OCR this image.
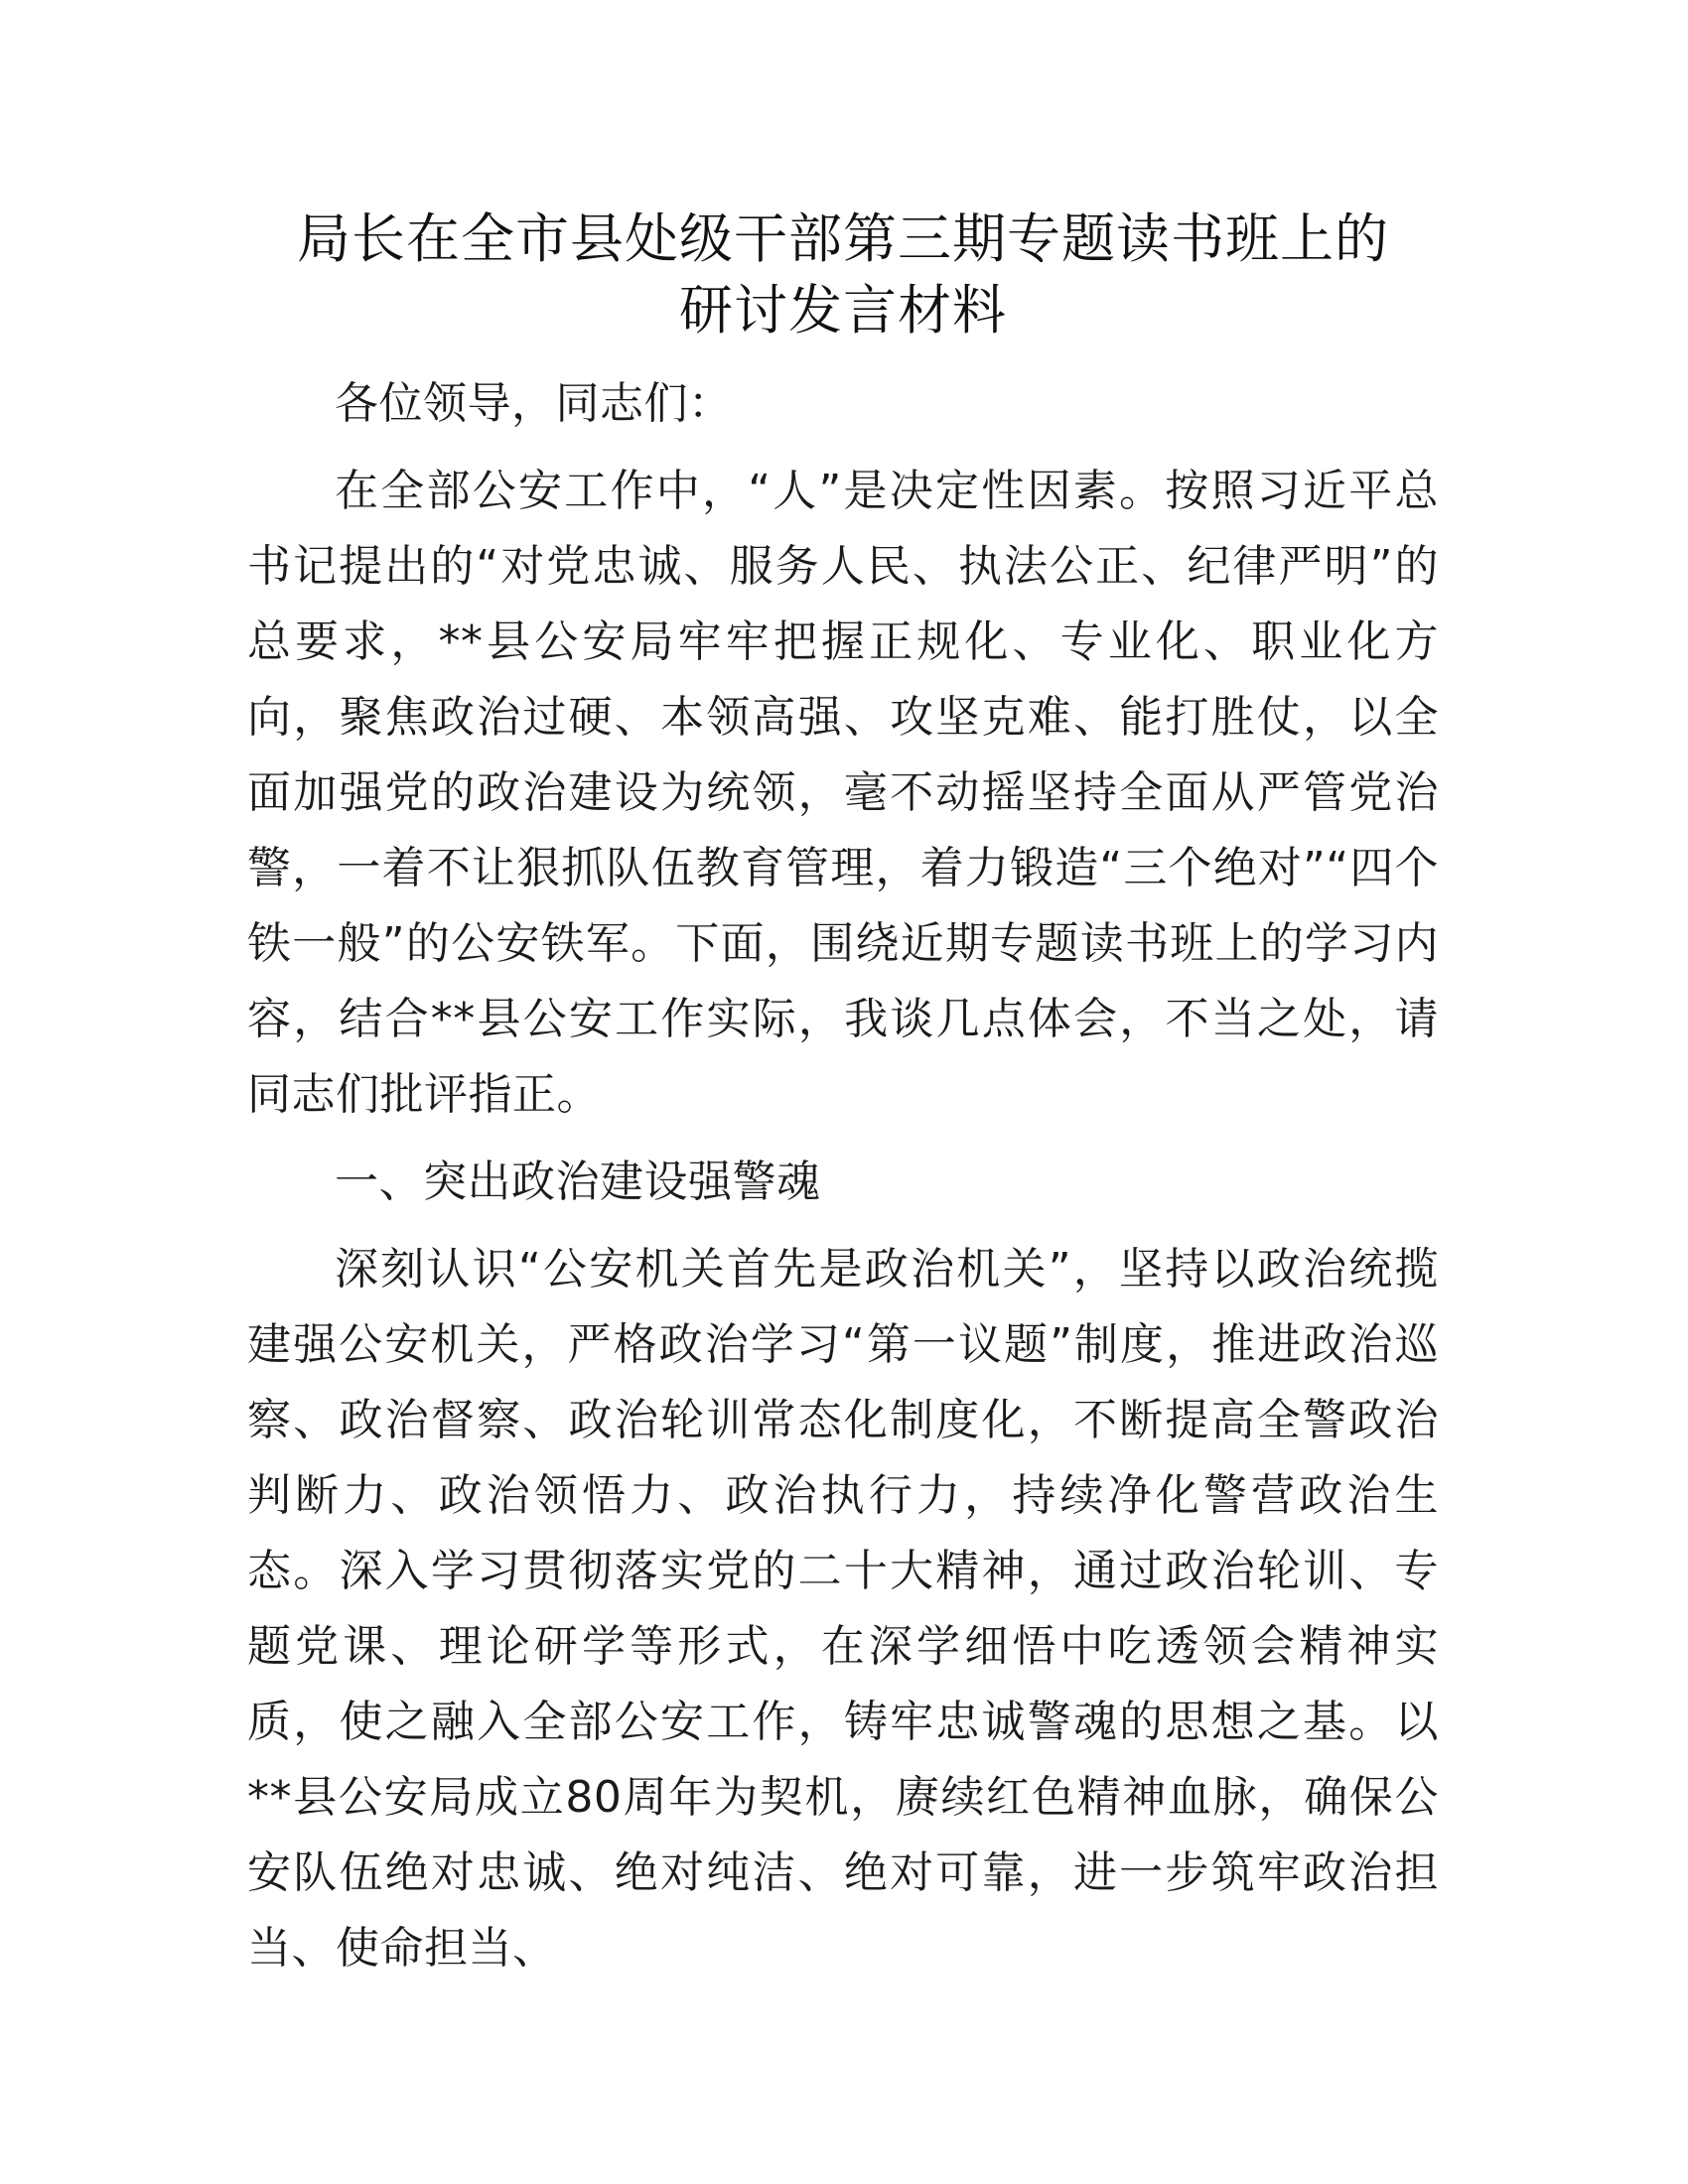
局长在全市县处级干部第三期专题读书班上的
研讨发言材料

各位领导，同志们：

在全部公安工作中，“人”是决定性因素。按照习近平总书记提出的“对党忠诚、服务人民、执法公正、纪律严明”的总要求，**县公安局牢牢把握正规化、专业化、职业化方向，聚焦政治过硬、本领高强、攻坚克难、能打胜仗，以全面加强党的政治建设为统领，毫不动摇坚持全面从严管党治警，一着不让狠抓队伍教育管理，着力锻造“三个绝对”“四个铁一般”的公安铁军。下面，围绕近期专题读书班上的学习内容，结合**县公安工作实际，我谈几点体会，不当之处，请同志们批评指正。

一、突出政治建设强警魂

深刻认识“公安机关首先是政治机关”，坚持以政治统揽建强公安机关，严格政治学习“第一议题”制度，推进政治巡察、政治督察、政治轮训常态化制度化，不断提高全警政治判断力、政治领悟力、政治执行力，持续净化警营政治生态。深入学习贯彻落实党的二十大精神，通过政治轮训、专题党课、理论研学等形式，在深学细悟中吃透领会精神实质，使之融入全部公安工作，铸牢忠诚警魂的思想之基。以**县公安局成立80周年为契机，赓续红色精神血脉，确保公安队伍绝对忠诚、绝对纯洁、绝对可靠，进一步筑牢政治担当、使命担当、
